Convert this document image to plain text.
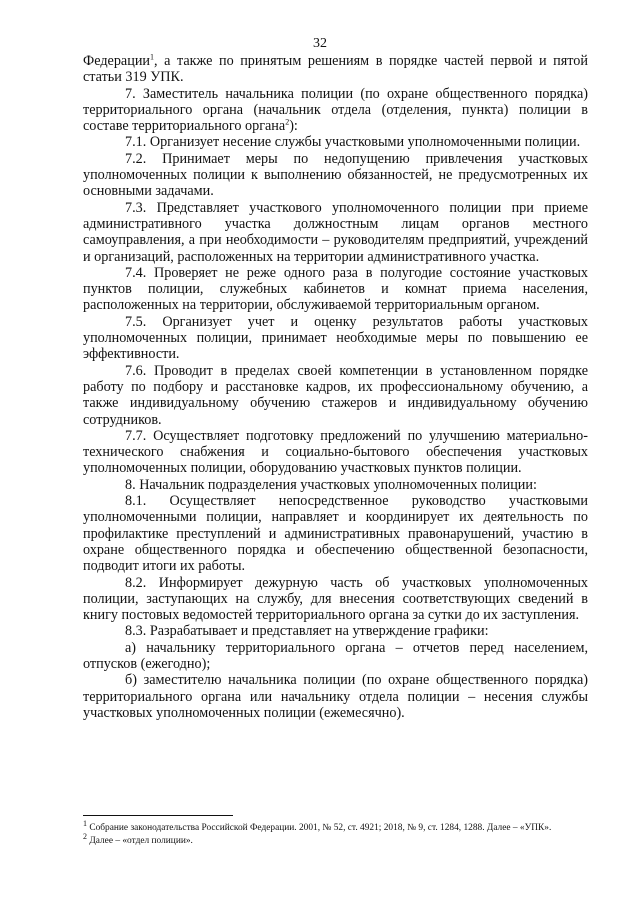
32

Федерации$^1$, а также по принятым решениям в порядке частей первой и пятой статьи 319 УПК.

7. Заместитель начальника полиции (по охране общественного порядка) территориального органа (начальник отдела (отделения, пункта) полиции в составе территориального органа$^2$):

7.1. Организует несение службы участковыми уполномоченными полиции.

7.2. Принимает меры по недопущению привлечения участковых уполномоченных полиции к выполнению обязанностей, не предусмотренных их основными задачами.

7.3. Представляет участкового уполномоченного полиции при приеме административного участка должностным лицам органов местного самоуправления, а при необходимости – руководителям предприятий, учреждений и организаций, расположенных на территории административного участка.

7.4. Проверяет не реже одного раза в полугодие состояние участковых пунктов полиции, служебных кабинетов и комнат приема населения, расположенных на территории, обслуживаемой территориальным органом.

7.5. Организует учет и оценку результатов работы участковых уполномоченных полиции, принимает необходимые меры по повышению ее эффективности.

7.6. Проводит в пределах своей компетенции в установленном порядке работу по подбору и расстановке кадров, их профессиональному обучению, а также индивидуальному обучению стажеров и индивидуальному обучению сотрудников.

7.7. Осуществляет подготовку предложений по улучшению материально-технического снабжения и социально-бытового обеспечения участковых уполномоченных полиции, оборудованию участковых пунктов полиции.

8. Начальник подразделения участковых уполномоченных полиции:

8.1. Осуществляет непосредственное руководство участковыми уполномоченными полиции, направляет и координирует их деятельность по профилактике преступлений и административных правонарушений, участию в охране общественного порядка и обеспечению общественной безопасности, подводит итоги их работы.

8.2. Информирует дежурную часть об участковых уполномоченных полиции, заступающих на службу, для внесения соответствующих сведений в книгу постовых ведомостей территориального органа за сутки до их заступления.

8.3. Разрабатывает и представляет на утверждение графики:

а) начальнику территориального органа – отчетов перед населением, отпусков (ежегодно);

б) заместителю начальника полиции (по охране общественного порядка) территориального органа или начальнику отдела полиции – несения службы участковых уполномоченных полиции (ежемесячно).

$^1$ Собрание законодательства Российской Федерации. 2001, № 52, ст. 4921; 2018, № 9, ст. 1284, 1288. Далее – «УПК».
$^2$ Далее – «отдел полиции».
